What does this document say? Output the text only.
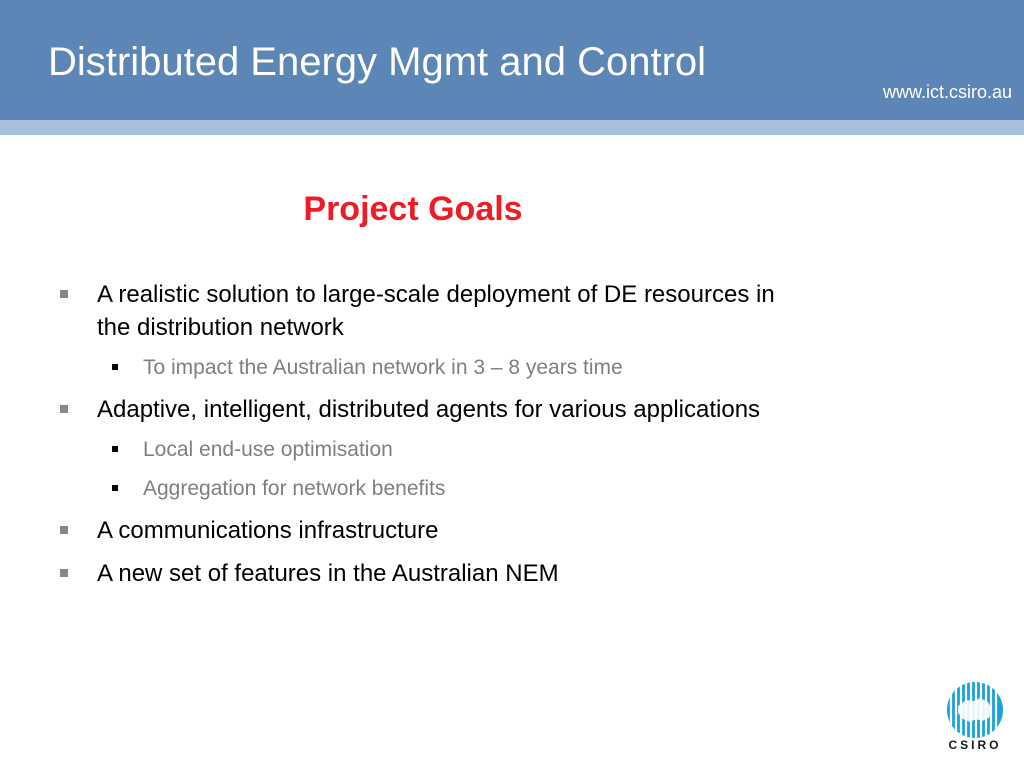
Distributed Energy Mgmt and Control
www.ict.csiro.au
Project Goals
A realistic solution to large-scale deployment of DE resources in the distribution network
To impact the Australian network in 3 – 8 years time
Adaptive, intelligent, distributed agents for various applications
Local end-use optimisation
Aggregation for network benefits
A communications infrastructure
A new set of features in the Australian NEM
CSIRO
